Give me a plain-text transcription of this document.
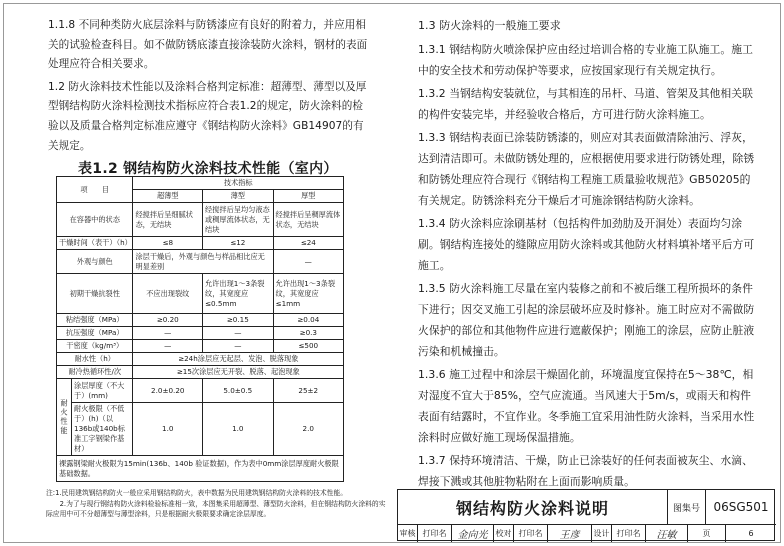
1.1.8 不同种类防火底层涂料与防锈漆应有良好的附着力，并应用相关的试验检查科目。如不做防锈底漆直接涂装防火涂料，钢材的表面处理应符合相关要求。

1.2 防火涂料技术性能以及涂料合格判定标准：超薄型、薄型以及厚型钢结构防火涂料检测技术指标应符合表1.2的规定，防火涂料的检验以及质量合格判定标准应遵守《钢结构防火涂料》GB14907的有关规定。

表1.2 钢结构防火涂料技术性能（室内）
项　　目		技术指标		
		超薄型	薄型	厚型
在容器中的状态		经搅拌后呈细腻状态，无结块	经搅拌后呈均匀液态或稠厚流体状态，无结块	经搅拌后呈稠厚流体状态，无结块
干燥时间（表干）（h）		≤8	≤12	≤24
外观与颜色		涂层干燥后，外观与颜色与样品相比应无明显差别		—
初期干燥抗裂性		不应出现裂纹	允许出现1～3条裂纹，其宽度应≤0.5mm	允许出现1～3条裂纹，其宽度应≤1mm
粘结强度（MPa）		≥0.20	≥0.15	≥0.04
抗压强度（MPa）		—	—	≥0.3
干密度（kg/m³）		—	—	≤500
耐水性（h）		≥24h涂层应无起层、发泡、脱落现象		
耐冷热循环性/次		≥15次涂层应无开裂、脱落、起泡现象		
耐火性能	涂层厚度（不大于）(mm)	2.0±0.20	5.0±0.5	25±2
	耐火极限（不低于）(h)（以136b或140b标准工字钢梁作基材）	1.0	1.0	2.0
裸露钢梁耐火极限为15min(136b、140b 验证数据)，作为表中0mm涂层厚度耐火极限基础数据。				

注:1.民用建筑钢结构防火一般应采用钢结构防火，表中数据为民用建筑钢结构防火涂料的技术性能。

　　2.为了与现行钢结构防火涂料检验标准相一致，本图集采用超薄型、薄型防火涂料，但在钢结构防火涂料的实际应用中可不分超薄型与薄型涂料，只是根据耐火极限要求确定涂层厚度。

1.3 防火涂料的一般施工要求

1.3.1 钢结构防火喷涂保护应由经过培训合格的专业施工队施工。施工中的安全技术和劳动保护等要求，应按国家现行有关规定执行。

1.3.2 当钢结构安装就位，与其相连的吊杆、马道、管架及其他相关联的构件安装完毕，并经验收合格后，方可进行防火涂料施工。

1.3.3 钢结构表面已涂装防锈漆的，则应对其表面做清除油污、浮灰，达到清洁即可。未做防锈处理的，应根据使用要求进行防锈处理，除锈和防锈处理应符合现行《钢结构工程施工质量验收规范》GB50205的有关规定。防锈涂料充分干燥后才可施涂钢结构防火涂料。

1.3.4 防火涂料应涂刷基材（包括构件加劲肋及开洞处）表面均匀涂刷。钢结构连接处的缝隙应用防火涂料或其他防火材料填补堵平后方可施工。

1.3.5 防火涂料施工尽量在室内装修之前和不被后继工程所损坏的条件下进行；因交叉施工引起的涂层破坏应及时修补。施工时应对不需做防火保护的部位和其他物件应进行遮蔽保护；刚施工的涂层，应防止脏液污染和机械撞击。

1.3.6 施工过程中和涂层干燥固化前，环境温度宜保持在5～38℃，相对湿度不宜大于85%，空气应流通。当风速大于5m/s，或雨天和构件表面有结露时，不宜作业。冬季施工宜采用油性防火涂料，当采用水性涂料时应做好施工现场保温措施。

1.3.7 保持环境清洁、干燥，防止已涂装好的任何表面被灰尘、水滴、焊接下溅或其他脏物粘附在上面而影响质量。

钢结构防火涂料说明	图集号	06SG501
审核 打印名	金向光	校对 打印名	王彦	设计 打印名	汪敏	页	6
